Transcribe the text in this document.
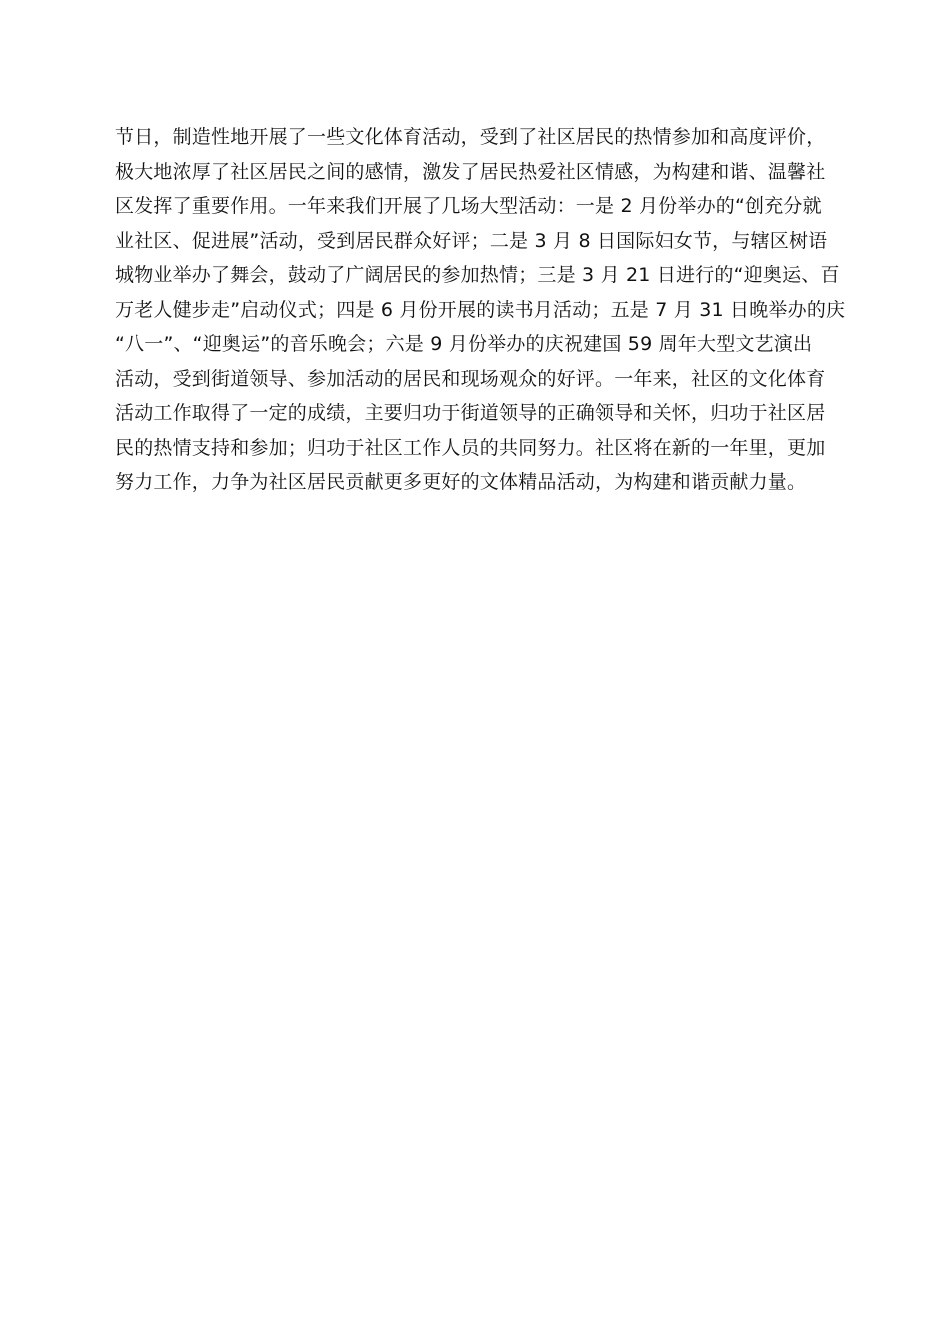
节日，制造性地开展了一些文化体育活动，受到了社区居民的热情参加和高度评价，
极大地浓厚了社区居民之间的感情，激发了居民热爱社区情感，为构建和谐、温馨社
区发挥了重要作用。一年来我们开展了几场大型活动：一是 2 月份举办的“创充分就
业社区、促进展”活动，受到居民群众好评；二是 3 月 8 日国际妇女节，与辖区树语
城物业举办了舞会，鼓动了广阔居民的参加热情；三是 3 月 21 日进行的“迎奥运、百
万老人健步走”启动仪式；四是 6 月份开展的读书月活动；五是 7 月 31 日晚举办的庆
“八一”、“迎奥运”的音乐晚会；六是 9 月份举办的庆祝建国 59 周年大型文艺演出
活动，受到街道领导、参加活动的居民和现场观众的好评。一年来，社区的文化体育
活动工作取得了一定的成绩，主要归功于街道领导的正确领导和关怀，归功于社区居
民的热情支持和参加；归功于社区工作人员的共同努力。社区将在新的一年里，更加
努力工作，力争为社区居民贡献更多更好的文体精品活动，为构建和谐贡献力量。
